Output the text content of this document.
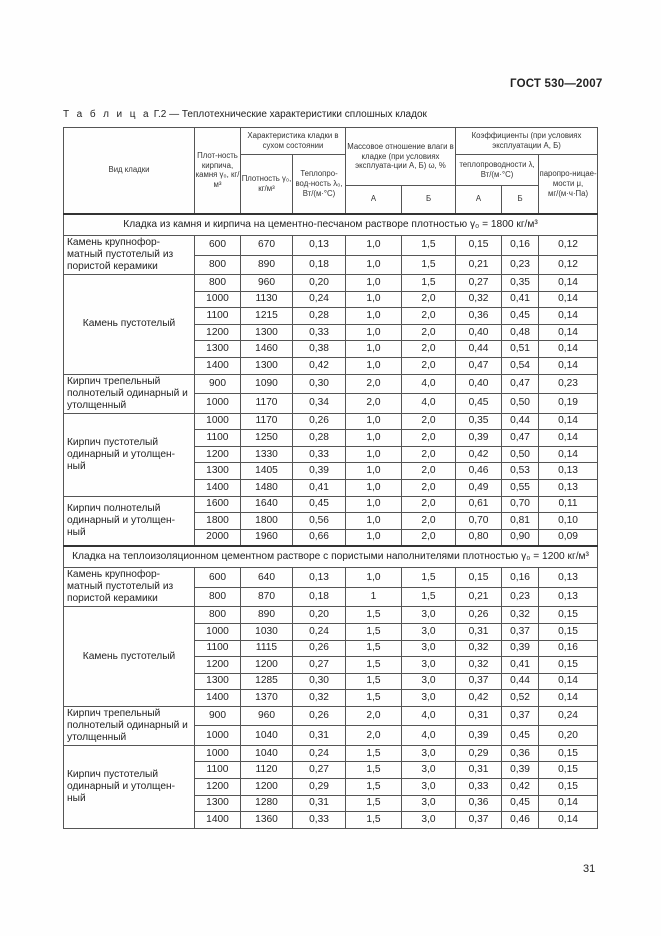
ГОСТ 530—2007
Т а б л и ц а Г.2 — Теплотехнические характеристики сплошных кладок
Вид кладки	Плот-ность кирпича, камня γ₀, кг/м³	Характеристика кладки в сухом состоянии		Массовое отношение влаги в кладке (при условиях эксплуата-ции А, Б) ω, %		Коэффициенты (при условиях эксплуатации А, Б)		
		Плотность γ₀, кг/м³	Теплопро-вод-ность λ₀, Вт/(м·°С)			теплопроводности λ, Вт/(м·°С)		паропро-ницае-мости μ, мг/(м·ч·Па)
				А	Б	А	Б	
Кладка из камня и кирпича на цементно-песчаном растворе плотностью γ₀ = 1800 кг/м³								
Камень крупнофор-матный пустотелый из пористой керамики	600	670	0,13	1,0	1,5	0,15	0,16	0,12
	800	890	0,18	1,0	1,5	0,21	0,23	0,12
Камень пустотелый	800	960	0,20	1,0	1,5	0,27	0,35	0,14
	1000	1130	0,24	1,0	2,0	0,32	0,41	0,14
	1100	1215	0,28	1,0	2,0	0,36	0,45	0,14
	1200	1300	0,33	1,0	2,0	0,40	0,48	0,14
	1300	1460	0,38	1,0	2,0	0,44	0,51	0,14
	1400	1300	0,42	1,0	2,0	0,47	0,54	0,14
Кирпич трепельный полнотелый одинарный и утолщенный	900	1090	0,30	2,0	4,0	0,40	0,47	0,23
	1000	1170	0,34	2,0	4,0	0,45	0,50	0,19
Кирпич пустотелый одинарный и утолщен-ный	1000	1170	0,26	1,0	2,0	0,35	0,44	0,14
	1100	1250	0,28	1,0	2,0	0,39	0,47	0,14
	1200	1330	0,33	1,0	2,0	0,42	0,50	0,14
	1300	1405	0,39	1,0	2,0	0,46	0,53	0,13
	1400	1480	0,41	1,0	2,0	0,49	0,55	0,13
Кирпич полнотелый одинарный и утолщен-ный	1600	1640	0,45	1,0	2,0	0,61	0,70	0,11
	1800	1800	0,56	1,0	2,0	0,70	0,81	0,10
	2000	1960	0,66	1,0	2,0	0,80	0,90	0,09
Кладка на теплоизоляционном цементном растворе с пористыми наполнителями плотностью γ₀ = 1200 кг/м³								
Камень крупнофор-матный пустотелый из пористой керамики	600	640	0,13	1,0	1,5	0,15	0,16	0,13
	800	870	0,18	1	1,5	0,21	0,23	0,13
Камень пустотелый	800	890	0,20	1,5	3,0	0,26	0,32	0,15
	1000	1030	0,24	1,5	3,0	0,31	0,37	0,15
	1100	1115	0,26	1,5	3,0	0,32	0,39	0,16
	1200	1200	0,27	1,5	3,0	0,32	0,41	0,15
	1300	1285	0,30	1,5	3,0	0,37	0,44	0,14
	1400	1370	0,32	1,5	3,0	0,42	0,52	0,14
Кирпич трепельный полнотелый одинарный и утолщенный	900	960	0,26	2,0	4,0	0,31	0,37	0,24
	1000	1040	0,31	2,0	4,0	0,39	0,45	0,20
Кирпич пустотелый одинарный и утолщен-ный	1000	1040	0,24	1,5	3,0	0,29	0,36	0,15
	1100	1120	0,27	1,5	3,0	0,31	0,39	0,15
	1200	1200	0,29	1,5	3,0	0,33	0,42	0,15
	1300	1280	0,31	1,5	3,0	0,36	0,45	0,14
	1400	1360	0,33	1,5	3,0	0,37	0,46	0,14
31
